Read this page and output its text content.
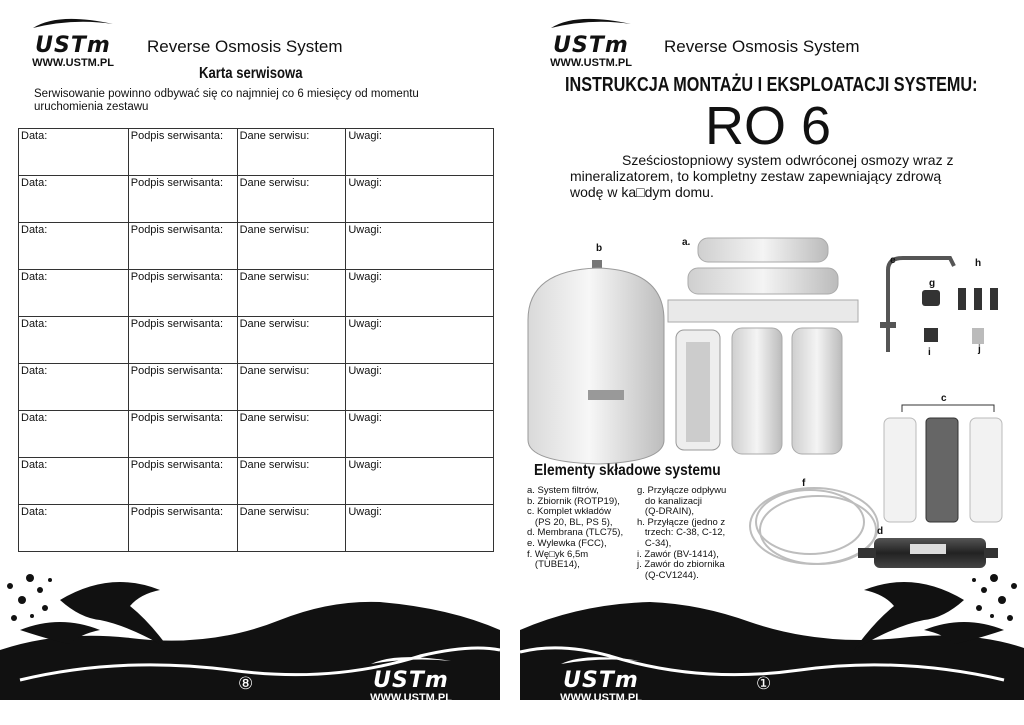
USTm
WWW.USTM.PL
Reverse Osmosis System
Karta serwisowa
Serwisowanie powinno odbywać się co najmniej co 6 miesięcy od momentu uruchomienia zestawu
Data:	Podpis serwisanta:	Dane serwisu:	Uwagi:
Data:	Podpis serwisanta:	Dane serwisu:	Uwagi:
Data:	Podpis serwisanta:	Dane serwisu:	Uwagi:
Data:	Podpis serwisanta:	Dane serwisu:	Uwagi:
Data:	Podpis serwisanta:	Dane serwisu:	Uwagi:
Data:	Podpis serwisanta:	Dane serwisu:	Uwagi:
Data:	Podpis serwisanta:	Dane serwisu:	Uwagi:
Data:	Podpis serwisanta:	Dane serwisu:	Uwagi:
Data:	Podpis serwisanta:	Dane serwisu:	Uwagi:
USTm
WWW.USTM.PL
Reverse Osmosis System
INSTRUKCJA MONTAŻU I EKSPLOATACJI SYSTEMU:
RO 6
Sześciostopniowy system odwróconej osmozy wraz z mineralizatorem, to kompletny zestaw zapewniający zdrową wodę w ka□dym domu.
b
a.
e
g
h
i	j
c
f
d
Elementy składowe systemu
a. System filtrów,
b. Zbiornik (ROTP19),
c. Komplet wkładów
(PS 20, BL, PS 5),
d. Membrana (TLC75),
e. Wylewka (FCC),
f. Wę□yk 6,5m
(TUBE14),
g. Przyłącze odpływu
do kanalizacji
(Q-DRAIN),
h. Przyłącze (jedno z
trzech: C-38, C-12,
C-34),
i. Zawór (BV-1414),
j. Zawór do zbiornika
(Q-CV1244).
USTm
WWW.USTM.PL
USTm
WWW.USTM.PL
⑧	①
